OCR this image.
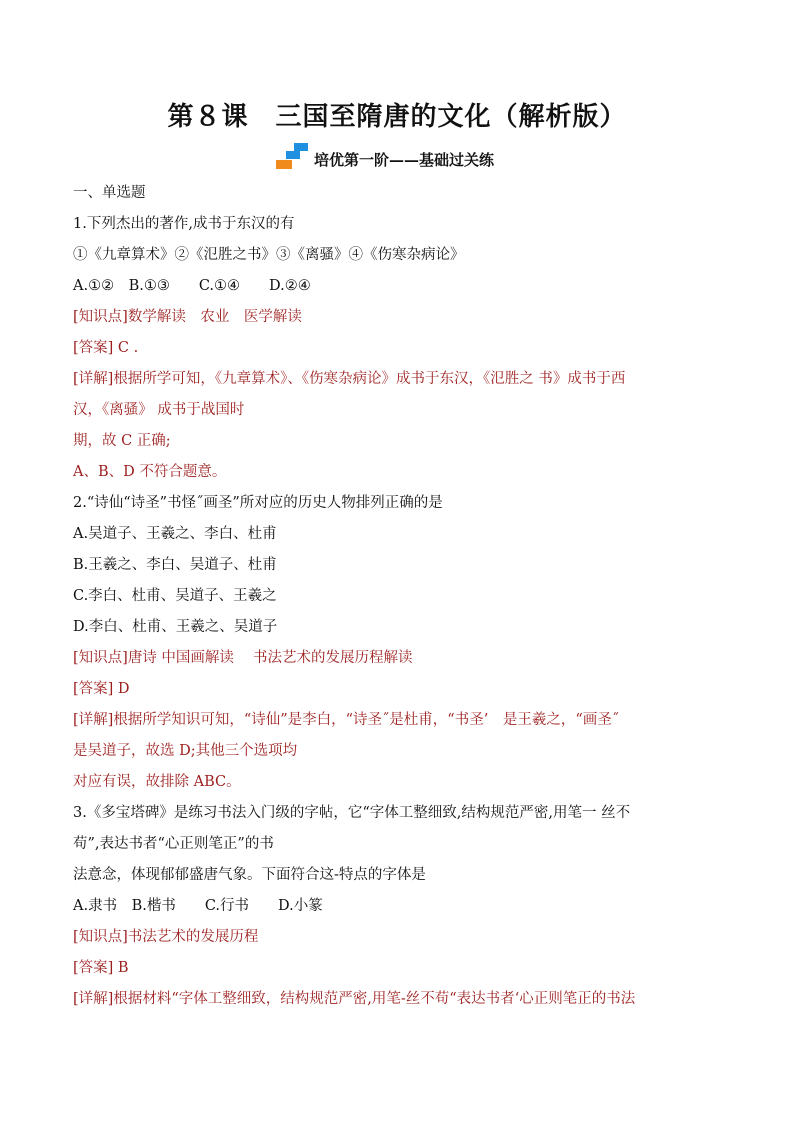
第８课　三国至隋唐的文化（解析版）
培优第一阶——基础过关练
一、单选题
1.下列杰出的著作,成书于东汉的有
①《九章算术》②《氾胜之书》③《离骚》④《伤寒杂病论》
A.①②　B.①③　　C.①④　　D.②④
[知识点]数学解读　农业　医学解读
[答案] C .
[详解]根据所学可知，《九章算术》、《伤寒杂病论》成书于东汉，《氾胜之 书》成书于西
汉，《离骚》 成书于战国时
期，故 C 正确;
A、B、D 不符合题意。
2.“诗仙“诗圣”书怪˝画圣”所对应的历史人物排列正确的是
A.吴道子、王羲之、李白、杜甫
B.王羲之、李白、吴道子、杜甫
C.李白、杜甫、吴道子、王羲之
D.李白、杜甫、王羲之、吴道子
[知识点]唐诗 中国画解读　 书法艺术的发展历程解读
[答案] D
[详解]根据所学知识可知，“诗仙”是李白，“诗圣˝是杜甫，“书圣’　是王羲之，“画圣˝
是吴道子，故选 D;其他三个选项均
对应有误，故排除 ABC。
3.《多宝塔碑》是练习书法入门级的字帖，它“字体工整细致,结构规范严密,用笔一 丝不
苟”,表达书者“心正则笔正”的书
法意念，体现郁郁盛唐气象。下面符合这-特点的字体是
A.隶书　B.楷书　　C.行书　　D.小篆
[知识点]书法艺术的发展历程
[答案] B
[详解]根据材料“字体工整细致，结构规范严密,用笔-丝不苟“表达书者‘心正则笔正的书法
